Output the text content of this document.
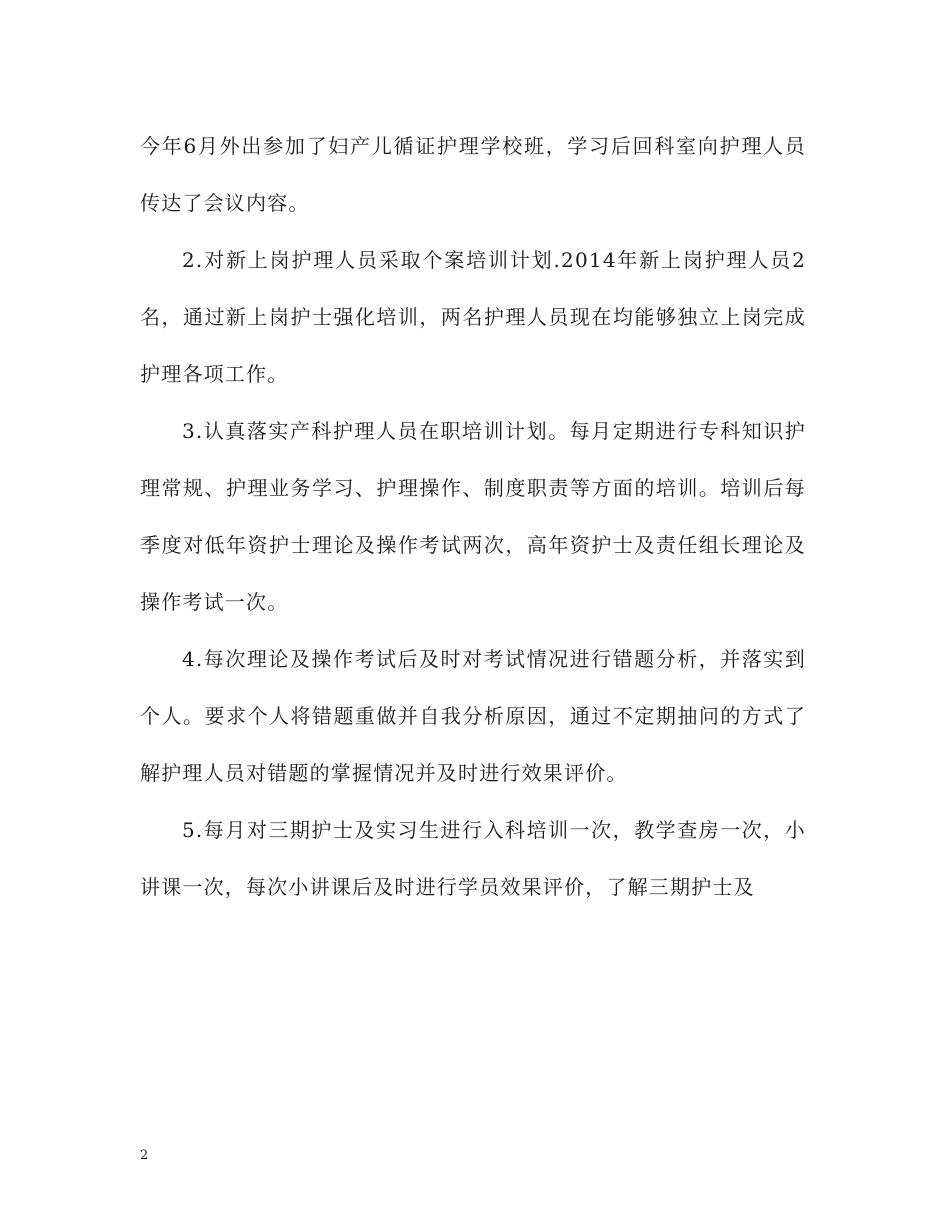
今年6月外出参加了妇产儿循证护理学校班，学习后回科室向护理人员传达了会议内容。

2.对新上岗护理人员采取个案培训计划.2014年新上岗护理人员2名，通过新上岗护士强化培训，两名护理人员现在均能够独立上岗完成护理各项工作。

3.认真落实产科护理人员在职培训计划。每月定期进行专科知识护理常规、护理业务学习、护理操作、制度职责等方面的培训。培训后每季度对低年资护士理论及操作考试两次，高年资护士及责任组长理论及操作考试一次。

4.每次理论及操作考试后及时对考试情况进行错题分析，并落实到个人。要求个人将错题重做并自我分析原因，通过不定期抽问的方式了解护理人员对错题的掌握情况并及时进行效果评价。

5.每月对三期护士及实习生进行入科培训一次，教学查房一次，小讲课一次，每次小讲课后及时进行学员效果评价，了解三期护士及

2
